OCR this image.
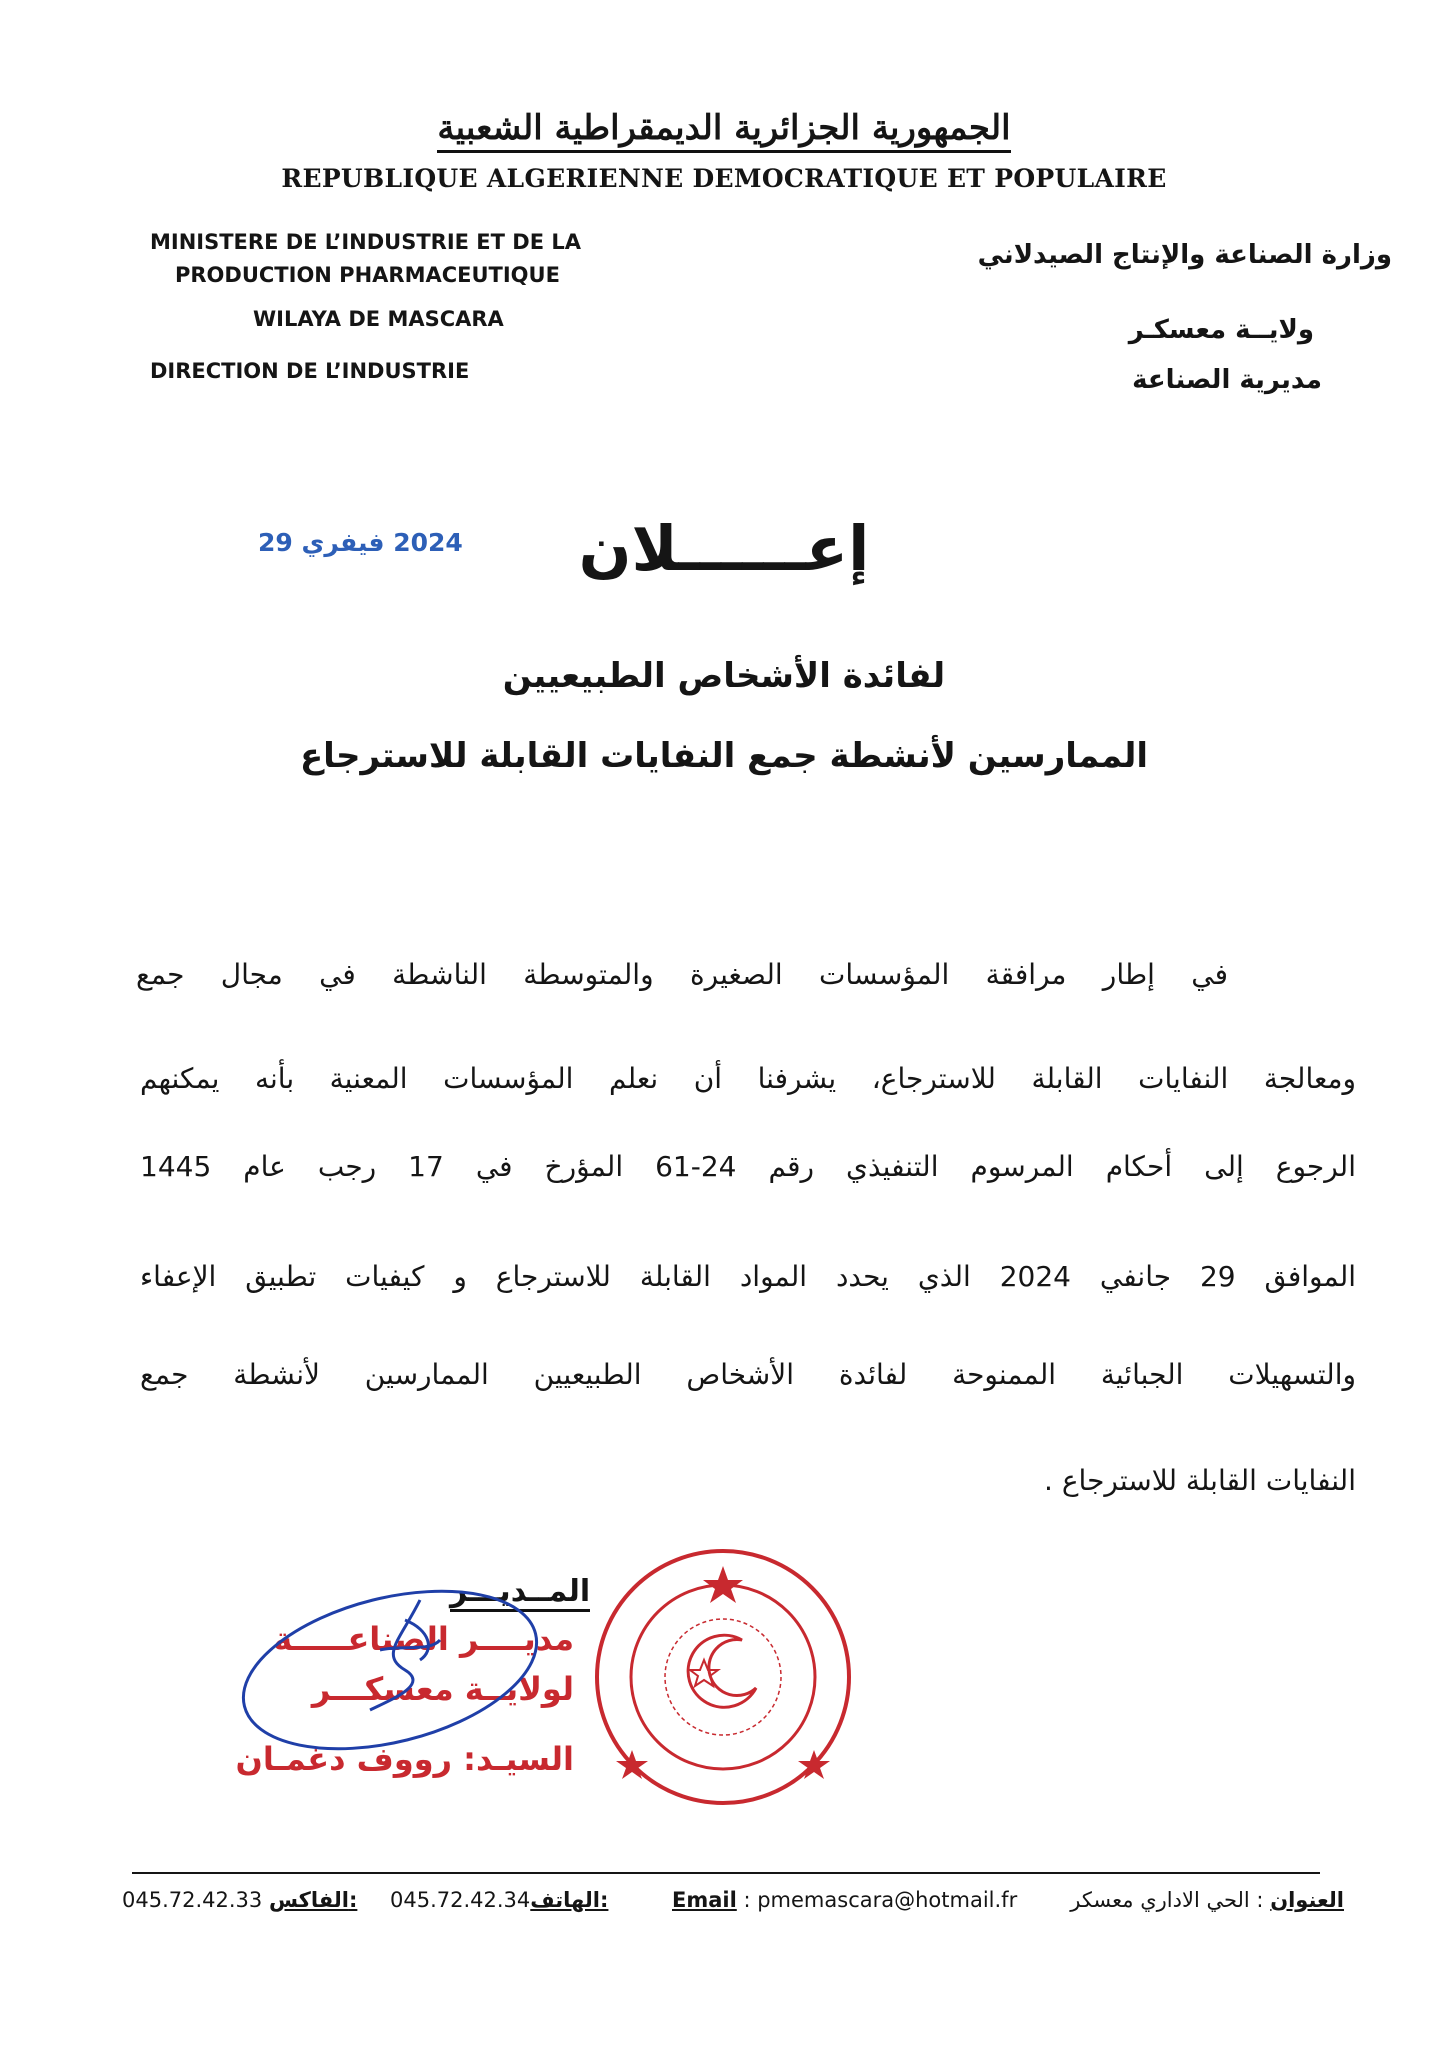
الجمهورية الجزائرية الديمقراطية الشعبية
REPUBLIQUE ALGERIENNE DEMOCRATIQUE ET POPULAIRE
MINISTERE DE L’INDUSTRIE ET DE LA
PRODUCTION PHARMACEUTIQUE
WILAYA DE MASCARA
DIRECTION DE L’INDUSTRIE
وزارة الصناعة والإنتاج الصيدلاني
ولايــة معسكـر
مديرية الصناعة
2024 فيفري 29	إعــــــلان
لفائدة الأشخاص الطبيعيين
الممارسين لأنشطة جمع النفايات القابلة للاسترجاع
في إطار مرافقة المؤسسات الصغيرة والمتوسطة الناشطة في مجال جمع
ومعالجة النفايات القابلة للاسترجاع، يشرفنا أن نعلم المؤسسات المعنية بأنه يمكنهم
الرجوع إلى أحكام المرسوم التنفيذي رقم 24-61 المؤرخ في 17 رجب عام 1445
الموافق 29 جانفي 2024 الذي يحدد المواد القابلة للاسترجاع و كيفيات تطبيق الإعفاء
والتسهيلات الجبائية الممنوحة لفائدة الأشخاص الطبيعيين الممارسين لأنشطة جمع
النفايات القابلة للاسترجاع .
المــديـــر
مديــــر الصناعـــــة
لولايــة معسكـــر
السيـد: رووف دغمـان
العنوان : الحي الاداري معسكر
Email : pmemascara@hotmail.fr
045.72.42.34الهاتف:
045.72.42.33 الفاكس:
